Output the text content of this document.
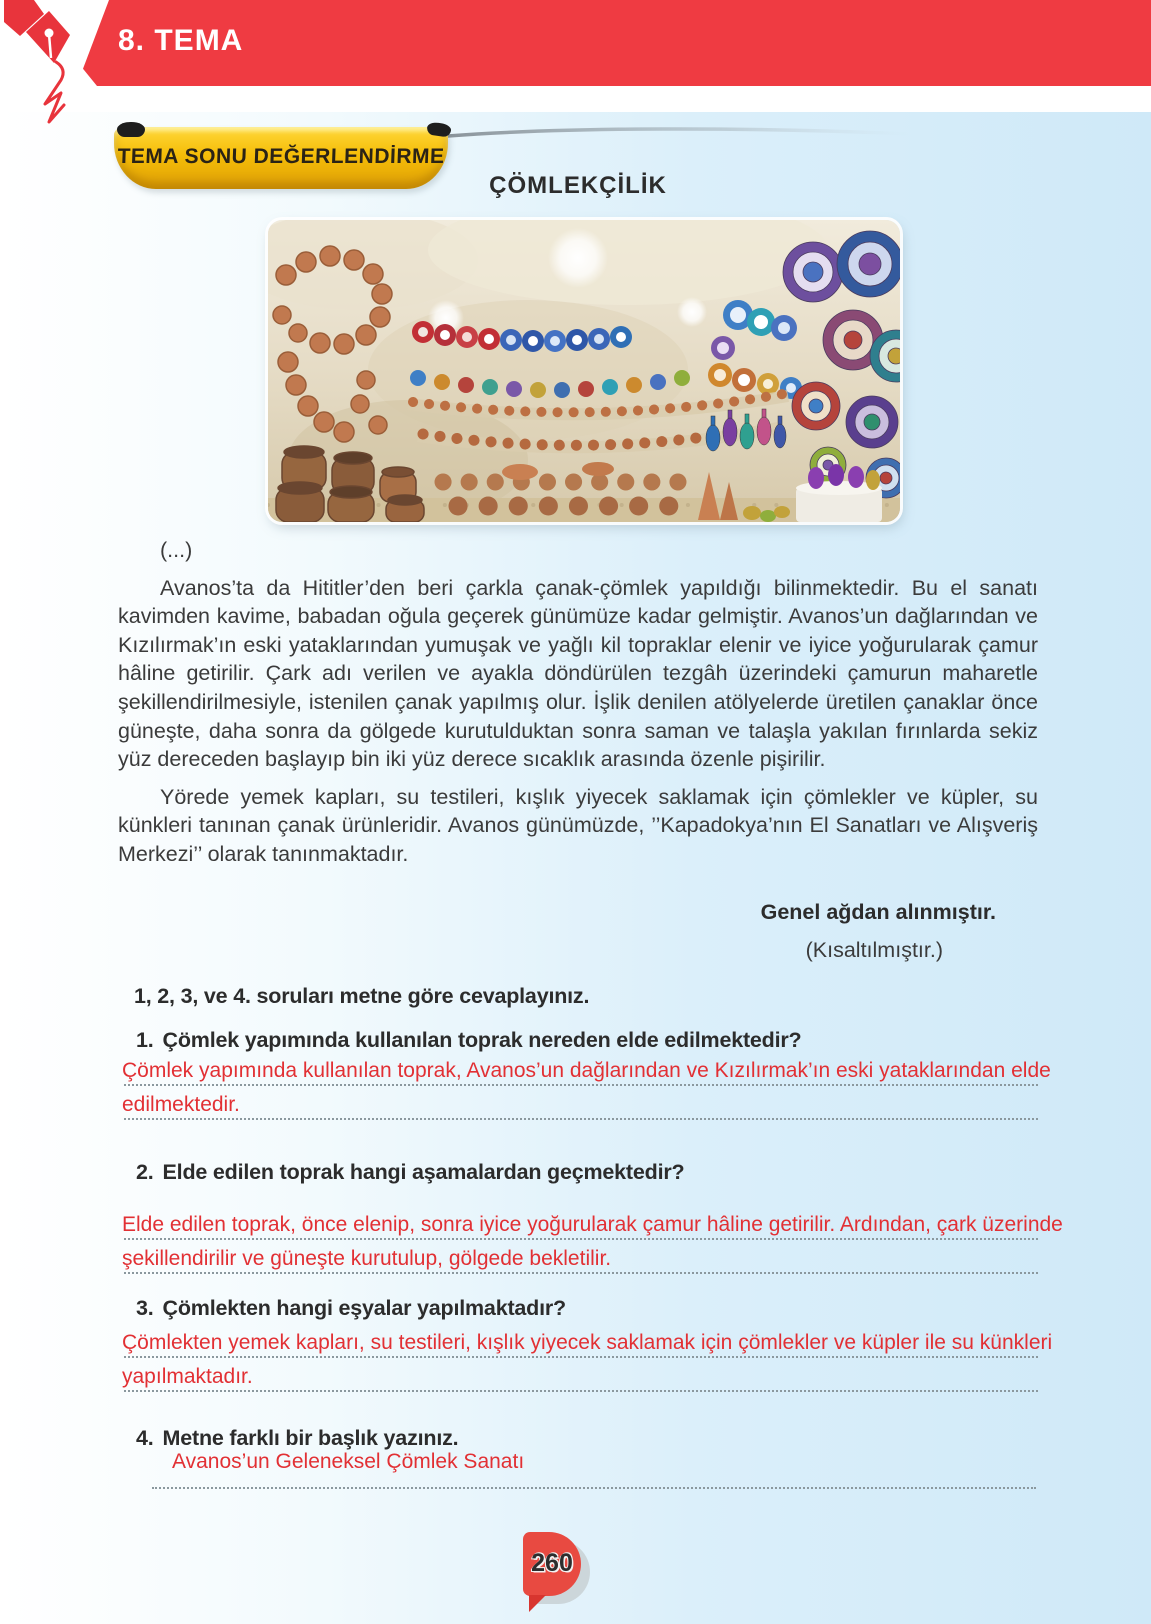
8. TEMA
TEMA SONU DEĞERLENDİRME
ÇÖMLEKÇİLİK

(...)

Avanos’ta da Hititler’den beri çarkla çanak-çömlek yapıldığı bilinmektedir. Bu el sanatı kavimden kavime, babadan oğula geçerek günümüze kadar gelmiştir. Avanos’un dağlarından ve Kızılırmak’ın eski yataklarından yumuşak ve yağlı kil topraklar elenir ve iyice yoğurularak çamur hâline getirilir. Çark adı verilen ve ayakla döndürülen tezgâh üzerindeki çamurun maharetle şekillendirilmesiyle, istenilen çanak yapılmış olur. İşlik denilen atölyelerde üretilen çanaklar önce güneşte, daha sonra da gölgede kurutulduktan sonra saman ve talaşla yakılan fırınlarda sekiz yüz dereceden başlayıp bin iki yüz derece sıcaklık arasında özenle pişirilir.

Yörede yemek kapları, su testileri, kışlık yiyecek saklamak için çömlekler ve küpler, su künkleri tanınan çanak ürünleridir. Avanos günümüzde, ’’Kapadokya’nın El Sanatları ve Alışveriş Merkezi’’ olarak tanınmaktadır.

Genel ağdan alınmıştır.
(Kısaltılmıştır.)
1, 2, 3, ve 4. soruları metne göre cevaplayınız.
1. Çömlek yapımında kullanılan toprak nereden elde edilmektedir?
Çömlek yapımında kullanılan toprak, Avanos’un dağlarından ve Kızılırmak’ın eski yataklarından elde
edilmektedir.
2. Elde edilen toprak hangi aşamalardan geçmektedir?
Elde edilen toprak, önce elenip, sonra iyice yoğurularak çamur hâline getirilir. Ardından, çark üzerinde
şekillendirilir ve güneşte kurutulup, gölgede bekletilir.
3. Çömlekten hangi eşyalar yapılmaktadır?
Çömlekten yemek kapları, su testileri, kışlık yiyecek saklamak için çömlekler ve küpler ile su künkleri
yapılmaktadır.
4. Metne farklı bir başlık yazınız.
Avanos’un Geleneksel Çömlek Sanatı
260
